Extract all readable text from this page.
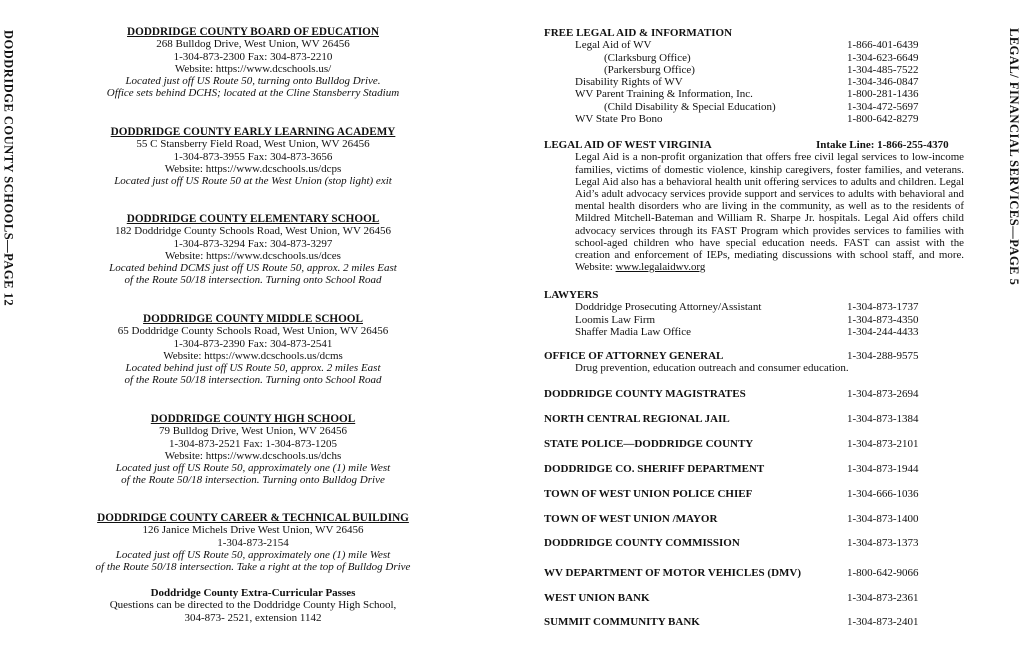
DODDRIDGE COUNTY SCHOOLS—PAGE 12	LEGAL/ FINANCIAL SERVICES—PAGE 5
DODDRIDGE COUNTY BOARD OF EDUCATION
268 Bulldog Drive, West Union, WV 26456
1-304-873-2300 Fax: 304-873-2210
Website: https://www.dcschools.us/
Located just off US Route 50, turning onto Bulldog Drive.
Office sets behind DCHS; located at the Cline Stansberry Stadium
DODDRIDGE COUNTY EARLY LEARNING ACADEMY
55 C Stansberry Field Road, West Union, WV 26456
1-304-873-3955 Fax: 304-873-3656
Website: https://www.dcschools.us/dcps
Located just off US Route 50 at the West Union (stop light) exit
DODDRIDGE COUNTY ELEMENTARY SCHOOL
182 Doddridge County Schools Road, West Union, WV 26456
1-304-873-3294 Fax: 304-873-3297
Website: https://www.dcschools.us/dces
Located behind DCMS just off US Route 50, approx. 2 miles East
of the Route 50/18 intersection. Turning onto School Road
DODDRIDGE COUNTY MIDDLE SCHOOL
65 Doddridge County Schools Road, West Union, WV 26456
1-304-873-2390 Fax: 304-873-2541
Website: https://www.dcschools.us/dcms
Located behind just off US Route 50, approx. 2 miles East
of the Route 50/18 intersection. Turning onto School Road
DODDRIDGE COUNTY HIGH SCHOOL
79 Bulldog Drive, West Union, WV 26456
1-304-873-2521 Fax: 1-304-873-1205
Website: https://www.dcschools.us/dchs
Located just off US Route 50, approximately one (1) mile West
of the Route 50/18 intersection. Turning onto Bulldog Drive
DODDRIDGE COUNTY CAREER & TECHNICAL BUILDING
126 Janice Michels Drive West Union, WV 26456
1-304-873-2154
Located just off US Route 50, approximately one (1) mile West
of the Route 50/18 intersection. Take a right at the top of Bulldog Drive
Doddridge County Extra-Curricular Passes
Questions can be directed to the Doddridge County High School,
304-873- 2521, extension 1142
FREE LEGAL AID & INFORMATION
Legal Aid of WV	1-866-401-6439
(Clarksburg Office)	1-304-623-6649
(Parkersburg Office)	1-304-485-7522
Disability Rights of WV	1-304-346-0847
WV Parent Training & Information, Inc.	1-800-281-1436
(Child Disability & Special Education)	1-304-472-5697
WV State Pro Bono	1-800-642-8279
LEGAL AID OF WEST VIRGINIA	Intake Line: 1-866-255-4370
Legal Aid is a non-profit organization that offers free civil legal services to low-income families, victims of domestic violence, kinship caregivers, foster families, and veterans. Legal Aid also has a behavioral health unit offering services to adults and children. Legal Aid’s adult advocacy services provide support and services to adults with behavioral and mental health disorders who are living in the community, as well as to the residents of Mildred Mitchell-Bateman and William R. Sharpe Jr. hospitals. Legal Aid offers child advocacy services through its FAST Program which provides services to families with school-aged children who have special education needs. FAST can assist with the creation and enforcement of IEPs, mediating discussions with school staff, and more. Website: www.legalaidwv.org
LAWYERS
Doddridge Prosecuting Attorney/Assistant	1-304-873-1737
Loomis Law Firm	1-304-873-4350
Shaffer Madia Law Office	1-304-244-4433
OFFICE OF ATTORNEY GENERAL	1-304-288-9575
Drug prevention, education outreach and consumer education.
DODDRIDGE COUNTY MAGISTRATES	1-304-873-2694
NORTH CENTRAL REGIONAL JAIL	1-304-873-1384
STATE POLICE—DODDRIDGE COUNTY	1-304-873-2101
DODDRIDGE CO. SHERIFF DEPARTMENT	1-304-873-1944
TOWN OF WEST UNION POLICE CHIEF	1-304-666-1036
TOWN OF WEST UNION /MAYOR	1-304-873-1400
DODDRIDGE COUNTY COMMISSION	1-304-873-1373
WV DEPARTMENT OF MOTOR VEHICLES (DMV)	1-800-642-9066
WEST UNION BANK	1-304-873-2361
SUMMIT COMMUNITY BANK	1-304-873-2401
